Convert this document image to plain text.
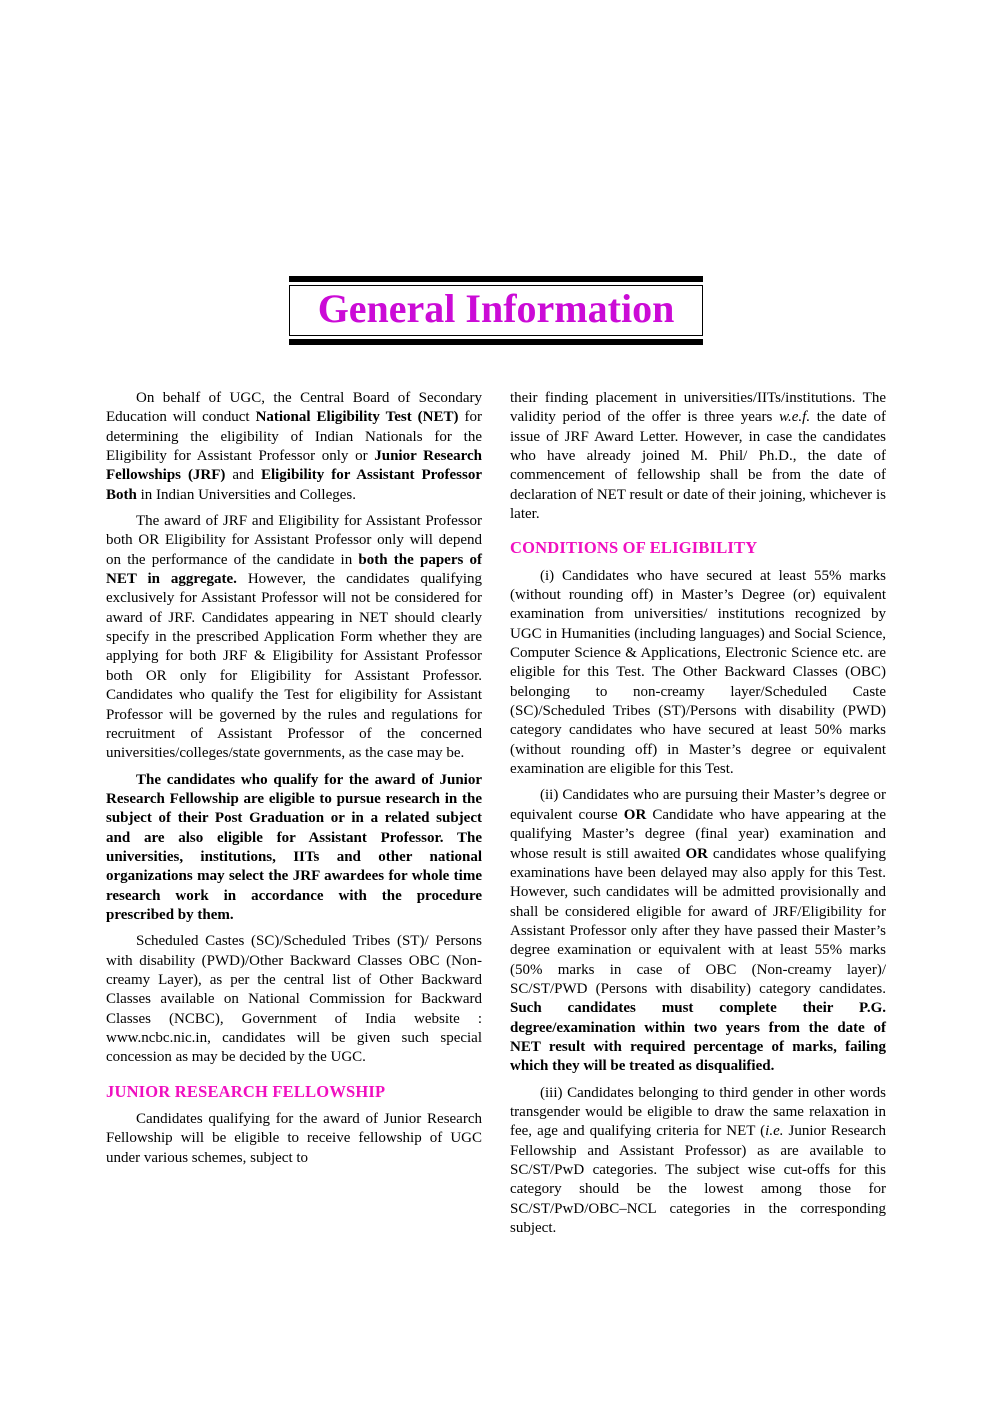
General Information

On behalf of UGC, the Central Board of Secondary Education will conduct National Eligibility Test (NET) for determining the eligibility of Indian Nationals for the Eligibility for Assistant Professor only or Junior Research Fellowships (JRF) and Eligibility for Assistant Professor Both in Indian Universities and Colleges.

The award of JRF and Eligibility for Assistant Professor both OR Eligibility for Assistant Professor only will depend on the performance of the candidate in both the papers of NET in aggregate. However, the candidates qualifying exclusively for Assistant Professor will not be considered for award of JRF. Candidates appearing in NET should clearly specify in the prescribed Application Form whether they are applying for both JRF & Eligibility for Assistant Professor both OR only for Eligibility for Assistant Professor. Candidates who qualify the Test for eligibility for Assistant Professor will be governed by the rules and regulations for recruitment of Assistant Professor of the concerned universities/colleges/state governments, as the case may be.

The candidates who qualify for the award of Junior Research Fellowship are eligible to pursue research in the subject of their Post Graduation or in a related subject and are also eligible for Assistant Professor. The universities, institutions, IITs and other national organizations may select the JRF awardees for whole time research work in accordance with the procedure prescribed by them.

Scheduled Castes (SC)/Scheduled Tribes (ST)/ Persons with disability (PWD)/Other Backward Classes OBC (Non-creamy Layer), as per the central list of Other Backward Classes available on National Commission for Backward Classes (NCBC), Government of India website : www.ncbc.nic.in, candidates will be given such special concession as may be decided by the UGC.

JUNIOR RESEARCH FELLOWSHIP

Candidates qualifying for the award of Junior Research Fellowship will be eligible to receive fellowship of UGC under various schemes, subject to

their finding placement in universities/IITs/institutions. The validity period of the offer is three years w.e.f. the date of issue of JRF Award Letter. However, in case the candidates who have already joined M. Phil/ Ph.D., the date of commencement of fellowship shall be from the date of declaration of NET result or date of their joining, whichever is later.

CONDITIONS OF ELIGIBILITY

(i) Candidates who have secured at least 55% marks (without rounding off) in Master’s Degree (or) equivalent examination from universities/ institutions recognized by UGC in Humanities (including languages) and Social Science, Computer Science & Applications, Electronic Science etc. are eligible for this Test. The Other Backward Classes (OBC) belonging to non-creamy layer/Scheduled Caste (SC)/Scheduled Tribes (ST)/Persons with disability (PWD) category candidates who have secured at least 50% marks (without rounding off) in Master’s degree or equivalent examination are eligible for this Test.

(ii) Candidates who are pursuing their Master’s degree or equivalent course OR Candidate who have appearing at the qualifying Master’s degree (final year) examination and whose result is still awaited OR candidates whose qualifying examinations have been delayed may also apply for this Test. However, such candidates will be admitted provisionally and shall be considered eligible for award of JRF/Eligibility for Assistant Professor only after they have passed their Master’s degree examination or equivalent with at least 55% marks (50% marks in case of OBC (Non-creamy layer)/ SC/ST/PWD (Persons with disability) category candidates. Such candidates must complete their P.G. degree/examination within two years from the date of NET result with required percentage of marks, failing which they will be treated as disqualified.

(iii) Candidates belonging to third gender in other words transgender would be eligible to draw the same relaxation in fee, age and qualifying criteria for NET (i.e. Junior Research Fellowship and Assistant Professor) as are available to SC/ST/PwD categories. The subject wise cut-offs for this category should be the lowest among those for SC/ST/PwD/OBC–NCL categories in the corresponding subject.
